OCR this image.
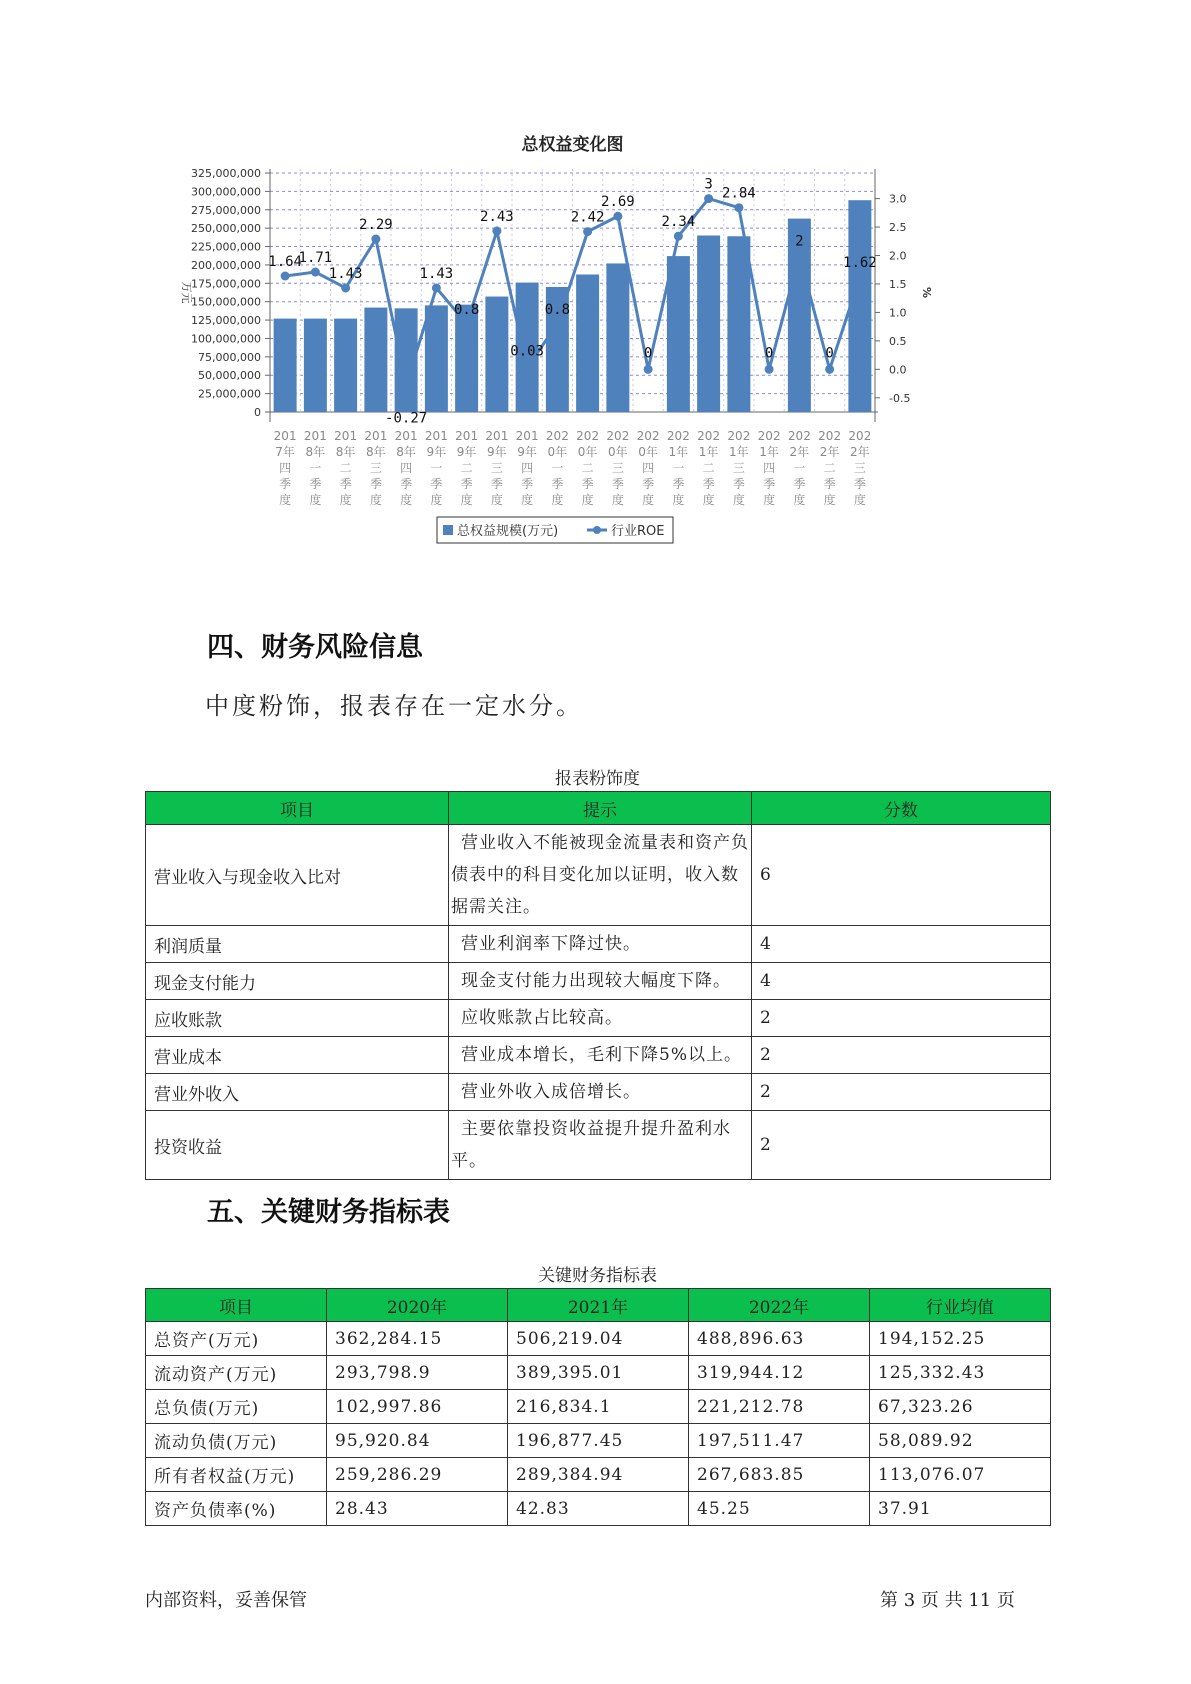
总权益变化图
325,000,000
300,000,000
275,000,000
250,000,000
225,000,000
200,000,000
175,000,000
150,000,000
125,000,000
100,000,000
75,000,000
50,000,000
25,000,000
0
3.0
2.5
2.0
1.5
1.0
0.5
0.0
-0.5
万元	%
1.64
1.71
1.43
2.29
-0.27
1.43
0.8
2.43
0.03
0.8
2.42
2.69
0
2.34
3
2.84
0
2
0
1.62
201
7年
四
季
度
201
8年
一
季
度
201
8年
二
季
度
201
8年
三
季
度
201
8年
四
季
度
201
9年
一
季
度
201
9年
二
季
度
201
9年
三
季
度
201
9年
四
季
度
202
0年
一
季
度
202
0年
二
季
度
202
0年
三
季
度
202
0年
四
季
度
202
1年
一
季
度
202
1年
二
季
度
202
1年
三
季
度
202
1年
四
季
度
202
2年
一
季
度
202
2年
二
季
度
202
2年
三
季
度
总权益规模(万元)	行业ROE
四、财务风险信息

中度粉饰，报表存在一定水分。

报表粉饰度
项目	提示	分数
营业收入与现金收入比对	营业收入不能被现金流量表和资产负债表中的科目变化加以证明，收入数据需关注。	6
利润质量	营业利润率下降过快。	4
现金支付能力	现金支付能力出现较大幅度下降。	4
应收账款	应收账款占比较高。	2
营业成本	营业成本增长，毛利下降5%以上。	2
营业外收入	营业外收入成倍增长。	2
投资收益	主要依靠投资收益提升提升盈利水平。	2
五、关键财务指标表
关键财务指标表
项目	2020年	2021年	2022年	行业均值
总资产(万元)	362,284.15	506,219.04	488,896.63	194,152.25
流动资产(万元)	293,798.9	389,395.01	319,944.12	125,332.43
总负债(万元)	102,997.86	216,834.1	221,212.78	67,323.26
流动负债(万元)	95,920.84	196,877.45	197,511.47	58,089.92
所有者权益(万元)	259,286.29	289,384.94	267,683.85	113,076.07
资产负债率(%)	28.43	42.83	45.25	37.91
内部资料，妥善保管	第 3 页 共 11 页
